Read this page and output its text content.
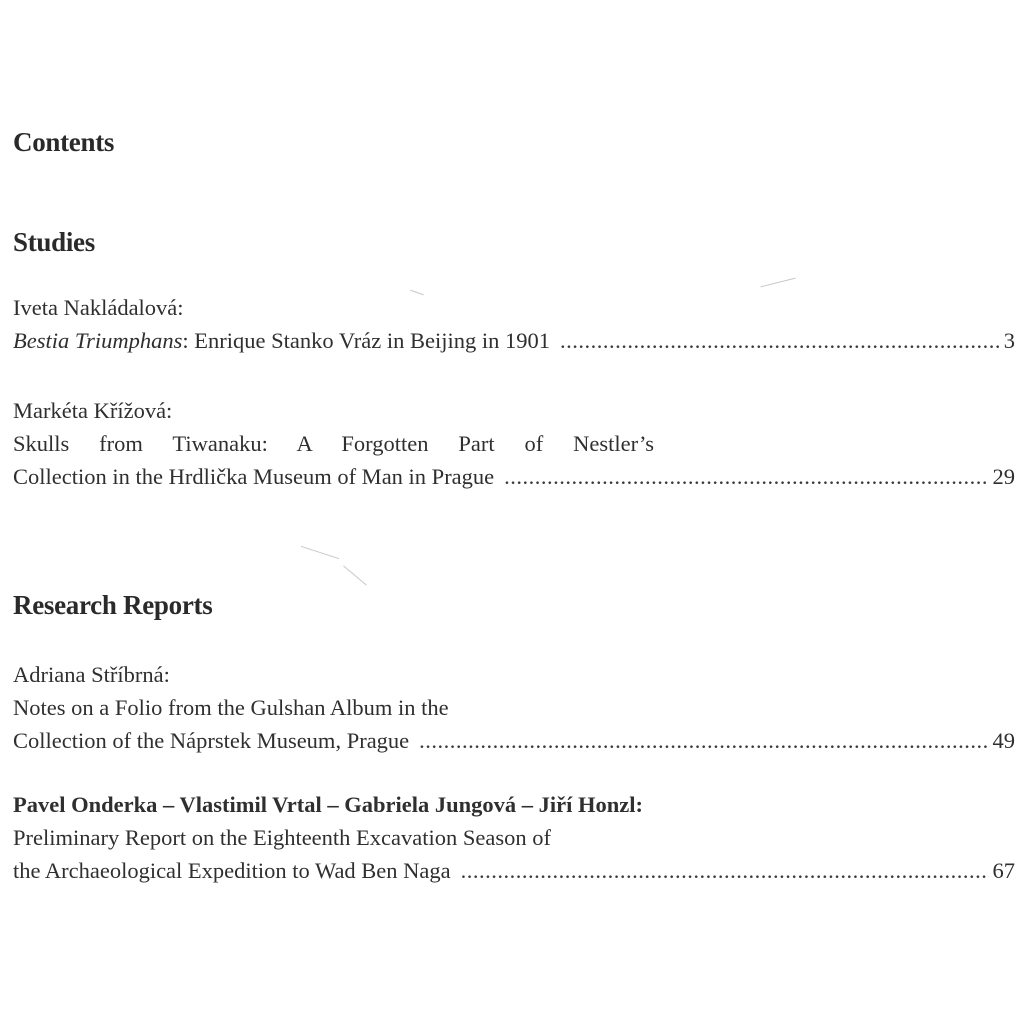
Contents
Studies
Iveta Nakládalová:
Bestia Triumphans: Enrique Stanko Vráz in Beijing in 1901 .....	3
Markéta Křížová:
Skulls from Tiwanaku: A Forgotten Part of Nestler’s
Collection in the Hrdlička Museum of Man in Prague .....	29
Research Reports
Adriana Stříbrná:
Notes on a Folio from the Gulshan Album in the
Collection of the Náprstek Museum, Prague .....	49
Pavel Onderka – Vlastimil Vrtal – Gabriela Jungová – Jiří Honzl:
Preliminary Report on the Eighteenth Excavation Season of
the Archaeological Expedition to Wad Ben Naga .....	67
